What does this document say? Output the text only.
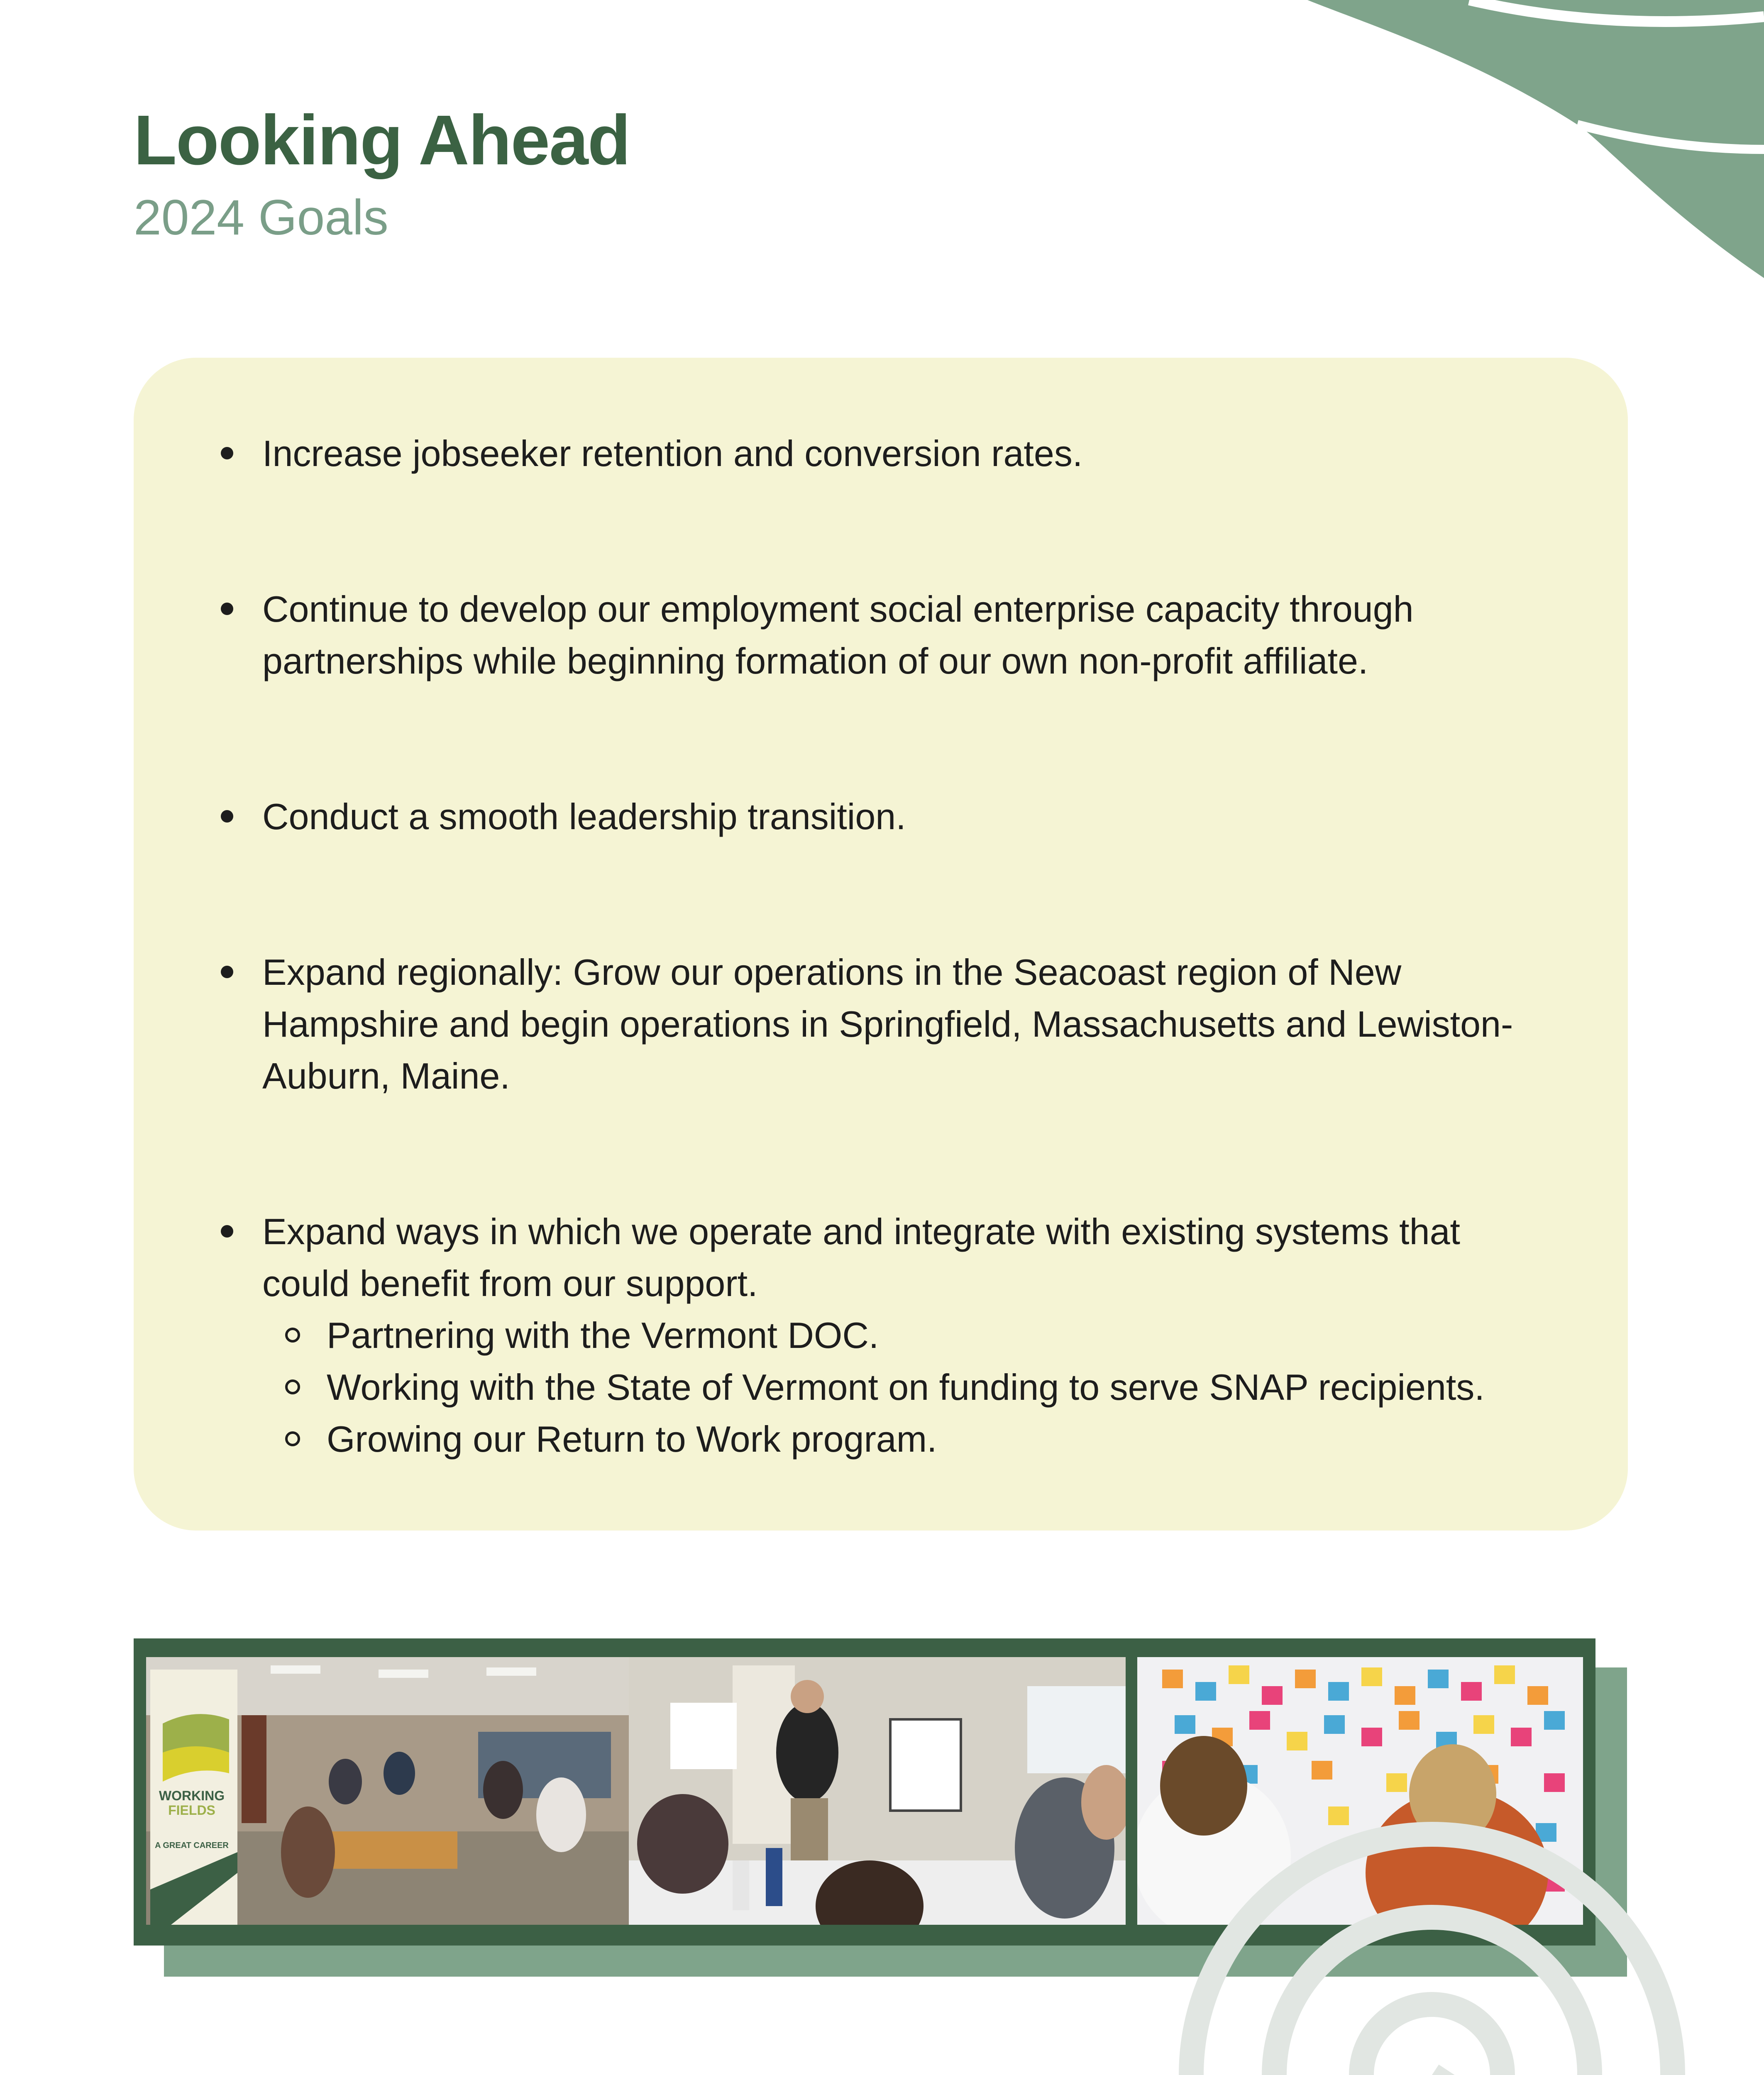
Looking Ahead
2024 Goals
Increase jobseeker retention and conversion rates.
Continue to develop our employment social enterprise capacity through
partnerships while beginning formation of our own non-profit affiliate.
Conduct a smooth leadership transition.
Expand regionally: Grow our operations in the Seacoast region of New
Hampshire and begin operations in Springfield, Massachusetts and Lewiston-
Auburn, Maine.
Expand ways in which we operate and integrate with existing systems that
could benefit from our support.
Partnering with the Vermont DOC.
Working with the State of Vermont on funding to serve SNAP recipients.
Growing our Return to Work program.
WORKING
FIELDS
A GREAT CAREER
